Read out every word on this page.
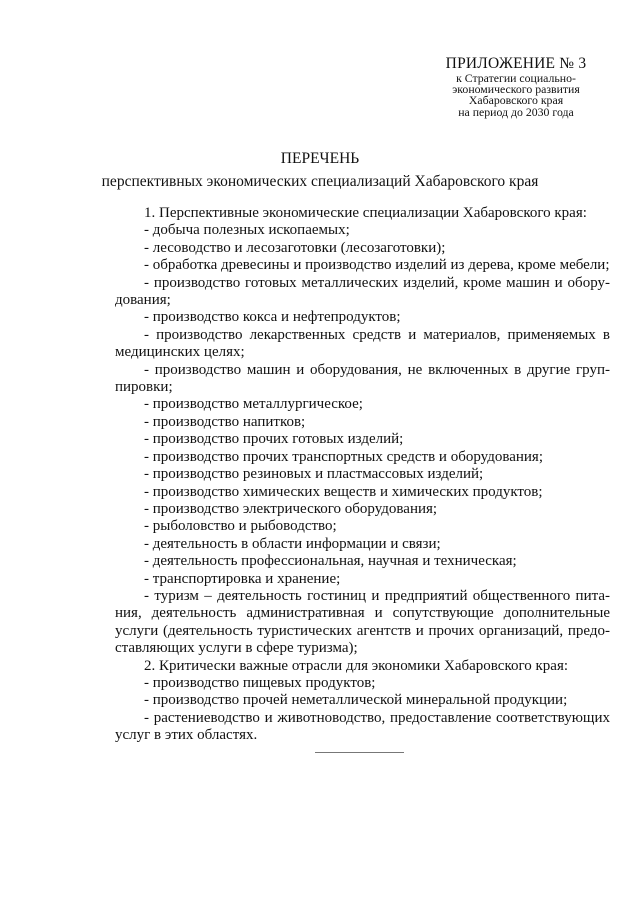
ПРИЛОЖЕНИЕ № 3
к Стратегии социально-
экономического развития
Хабаровского края
на период до 2030 года
ПЕРЕЧЕНЬ
перспективных экономических специализаций Хабаровского края

1. Перспективные экономические специализации Хабаровского края:

- добыча полезных ископаемых;

- лесоводство и лесозаготовки (лесозаготовки);

- обработка древесины и производство изделий из дерева, кроме мебели;

- производство готовых металлических изделий, кроме машин и обору-дования;

- производство кокса и нефтепродуктов;

- производство лекарственных средств и материалов, применяемых в медицинских целях;

- производство машин и оборудования, не включенных в другие груп-пировки;

- производство металлургическое;

- производство напитков;

- производство прочих готовых изделий;

- производство прочих транспортных средств и оборудования;

- производство резиновых и пластмассовых изделий;

- производство химических веществ и химических продуктов;

- производство электрического оборудования;

- рыболовство и рыбоводство;

- деятельность в области информации и связи;

- деятельность профессиональная, научная и техническая;

- транспортировка и хранение;

- туризм – деятельность гостиниц и предприятий общественного пита-ния, деятельность административная и сопутствующие дополнительные услуги (деятельность туристических агентств и прочих организаций, предо-ставляющих услуги в сфере туризма);

2. Критически важные отрасли для экономики Хабаровского края:

- производство пищевых продуктов;

- производство прочей неметаллической минеральной продукции;

- растениеводство и животноводство, предоставление соответствующих услуг в этих областях.
